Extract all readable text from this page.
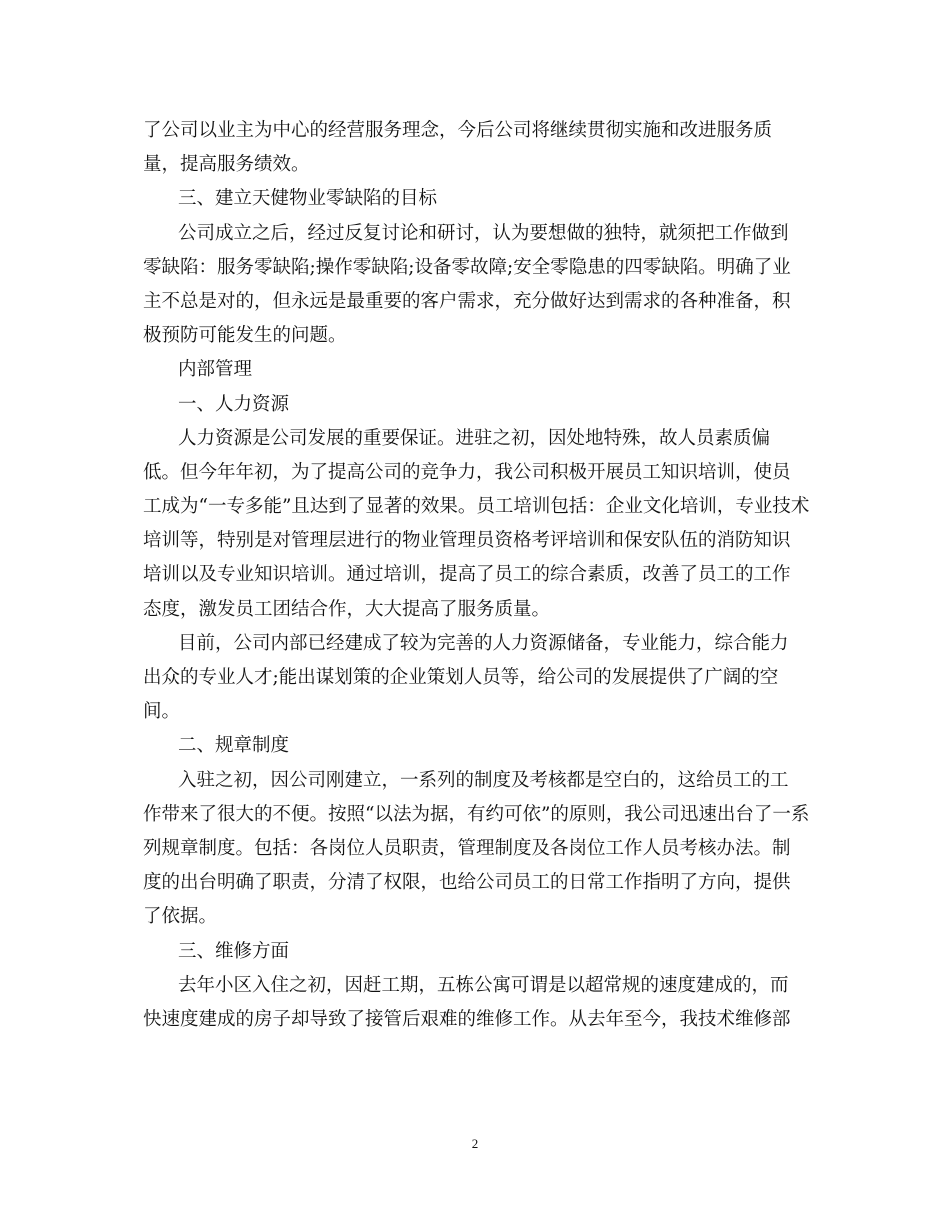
了公司以业主为中心的经营服务理念，今后公司将继续贯彻实施和改进服务质
量，提高服务绩效。
三、建立天健物业零缺陷的目标
公司成立之后，经过反复讨论和研讨，认为要想做的独特，就须把工作做到
零缺陷：服务零缺陷;操作零缺陷;设备零故障;安全零隐患的四零缺陷。明确了业
主不总是对的，但永远是最重要的客户需求，充分做好达到需求的各种准备，积
极预防可能发生的问题。
内部管理
一、人力资源
人力资源是公司发展的重要保证。进驻之初，因处地特殊，故人员素质偏
低。但今年年初，为了提高公司的竞争力，我公司积极开展员工知识培训，使员
工成为“一专多能”且达到了显著的效果。员工培训包括：企业文化培训，专业技术
培训等，特别是对管理层进行的物业管理员资格考评培训和保安队伍的消防知识
培训以及专业知识培训。通过培训，提高了员工的综合素质，改善了员工的工作
态度，激发员工团结合作，大大提高了服务质量。
目前，公司内部已经建成了较为完善的人力资源储备，专业能力，综合能力
出众的专业人才;能出谋划策的企业策划人员等，给公司的发展提供了广阔的空
间。
二、规章制度
入驻之初，因公司刚建立，一系列的制度及考核都是空白的，这给员工的工
作带来了很大的不便。按照“以法为据，有约可依”的原则，我公司迅速出台了一系
列规章制度。包括：各岗位人员职责，管理制度及各岗位工作人员考核办法。制
度的出台明确了职责，分清了权限，也给公司员工的日常工作指明了方向，提供
了依据。
三、维修方面
去年小区入住之初，因赶工期，五栋公寓可谓是以超常规的速度建成的，而
快速度建成的房子却导致了接管后艰难的维修工作。从去年至今，我技术维修部
2
